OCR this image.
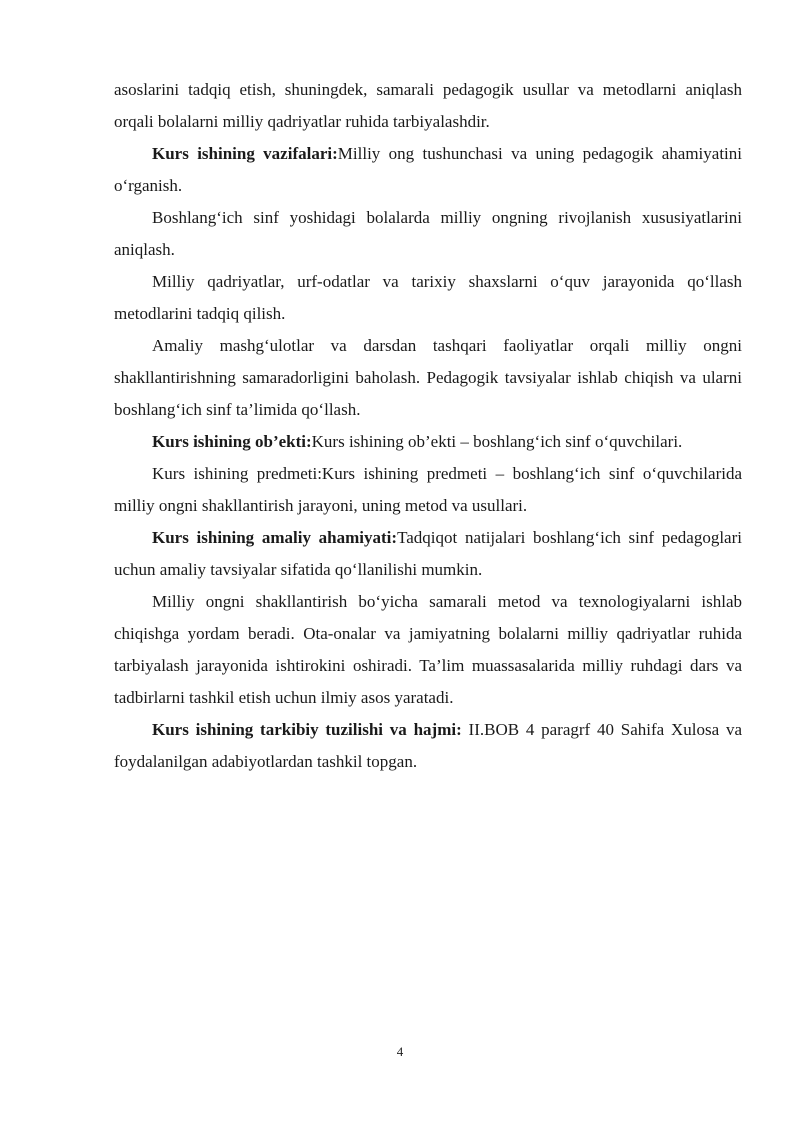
asoslarini tadqiq etish, shuningdek, samarali pedagogik usullar va metodlarni aniqlash orqali bolalarni milliy qadriyatlar ruhida tarbiyalashdir.

Kurs ishining vazifalari:Milliy ong tushunchasi va uning pedagogik ahamiyatini o‘rganish.

Boshlang‘ich sinf yoshidagi bolalarda milliy ongning rivojlanish xususiyatlarini aniqlash.

Milliy qadriyatlar, urf-odatlar va tarixiy shaxslarni o‘quv jarayonida qo‘llash metodlarini tadqiq qilish.

Amaliy mashg‘ulotlar va darsdan tashqari faoliyatlar orqali milliy ongni shakllantirishning samaradorligini baholash. Pedagogik tavsiyalar ishlab chiqish va ularni boshlang‘ich sinf ta’limida qo‘llash.

Kurs ishining ob’ekti:Kurs ishining ob’ekti – boshlang‘ich sinf o‘quvchilari.

Kurs ishining predmeti:Kurs ishining predmeti – boshlang‘ich sinf o‘quvchilarida milliy ongni shakllantirish jarayoni, uning metod va usullari.

Kurs ishining amaliy ahamiyati:Tadqiqot natijalari boshlang‘ich sinf pedagoglari uchun amaliy tavsiyalar sifatida qo‘llanilishi mumkin.

Milliy ongni shakllantirish bo‘yicha samarali metod va texnologiyalarni ishlab chiqishga yordam beradi. Ota-onalar va jamiyatning bolalarni milliy qadriyatlar ruhida tarbiyalash jarayonida ishtirokini oshiradi. Ta’lim muassasalarida milliy ruhdagi dars va tadbirlarni tashkil etish uchun ilmiy asos yaratadi.

Kurs ishining tarkibiy tuzilishi va hajmi: II.BOB 4 paragrf 40 Sahifa Xulosa va foydalanilgan adabiyotlardan tashkil topgan.

4
